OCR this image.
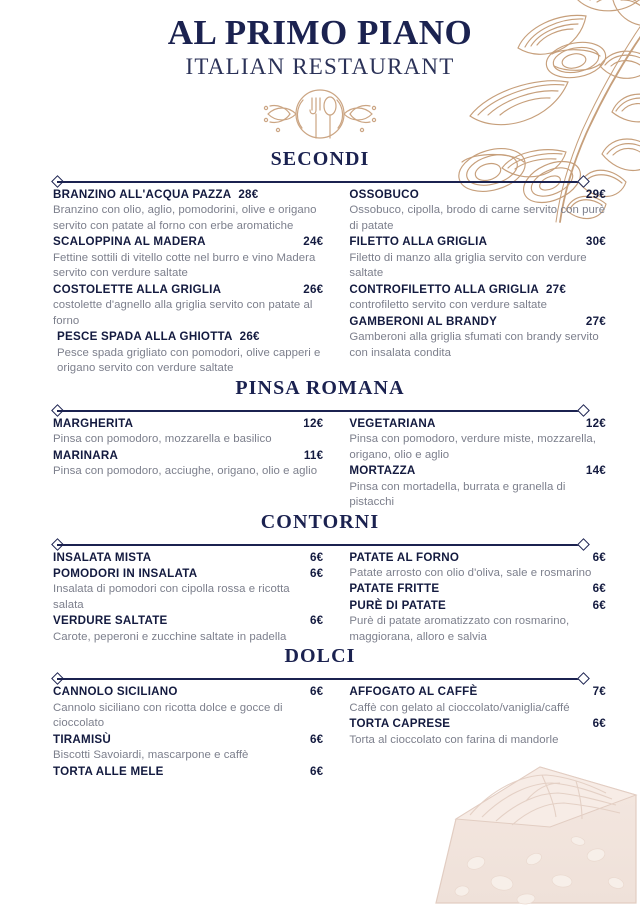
AL PRIMO PIANO
ITALIAN RESTAURANT
SECONDI
BRANZINO ALL'ACQUA PAZZA 28€
Branzino con olio, aglio, pomodorini, olive e origano servito con patate al forno con erbe aromatiche
SCALOPPINA AL MADERA	24€
Fettine sottili di vitello cotte nel burro e vino Madera servito con verdure saltate
COSTOLETTE ALLA GRIGLIA	26€
costolette d'agnello alla griglia servito con patate al forno
PESCE SPADA ALLA GHIOTTA 26€
Pesce spada grigliato con pomodori, olive capperi e origano servito con verdure saltate
OSSOBUCO	29€
Ossobuco, cipolla, brodo di carne servito con purè di patate
FILETTO ALLA GRIGLIA	30€
Filetto di manzo alla griglia servito con verdure saltate
CONTROFILETTO ALLA GRIGLIA 27€
controfiletto servito con verdure saltate
GAMBERONI AL BRANDY	27€
Gamberoni alla griglia sfumati con brandy servito con insalata condita
PINSA ROMANA
MARGHERITA	12€
Pinsa con pomodoro, mozzarella e basilico
MARINARA	11€
Pinsa con pomodoro, acciughe, origano, olio e aglio
VEGETARIANA	12€
Pinsa con pomodoro, verdure miste, mozzarella, origano, olio e aglio
MORTAZZA	14€
Pinsa con mortadella, burrata e granella di pistacchi
CONTORNI
INSALATA MISTA	6€
POMODORI IN INSALATA	6€
Insalata di pomodori con cipolla rossa e ricotta salata
VERDURE SALTATE	6€
Carote, peperoni e zucchine saltate in padella
PATATE AL FORNO	6€
Patate arrosto con olio d'oliva, sale e rosmarino
PATATE FRITTE	6€
PURÈ DI PATATE	6€
Purè di patate aromatizzato con rosmarino, maggiorana, alloro e salvia
DOLCI
CANNOLO SICILIANO	6€
Cannolo siciliano con ricotta dolce e gocce di cioccolato
TIRAMISÙ	6€
Biscotti Savoiardi, mascarpone e caffè
TORTA ALLE MELE	6€
AFFOGATO AL CAFFÈ	7€
Caffè con gelato al cioccolato/vaniglia/caffé
TORTA CAPRESE	6€
Torta al cioccolato con farina di mandorle
